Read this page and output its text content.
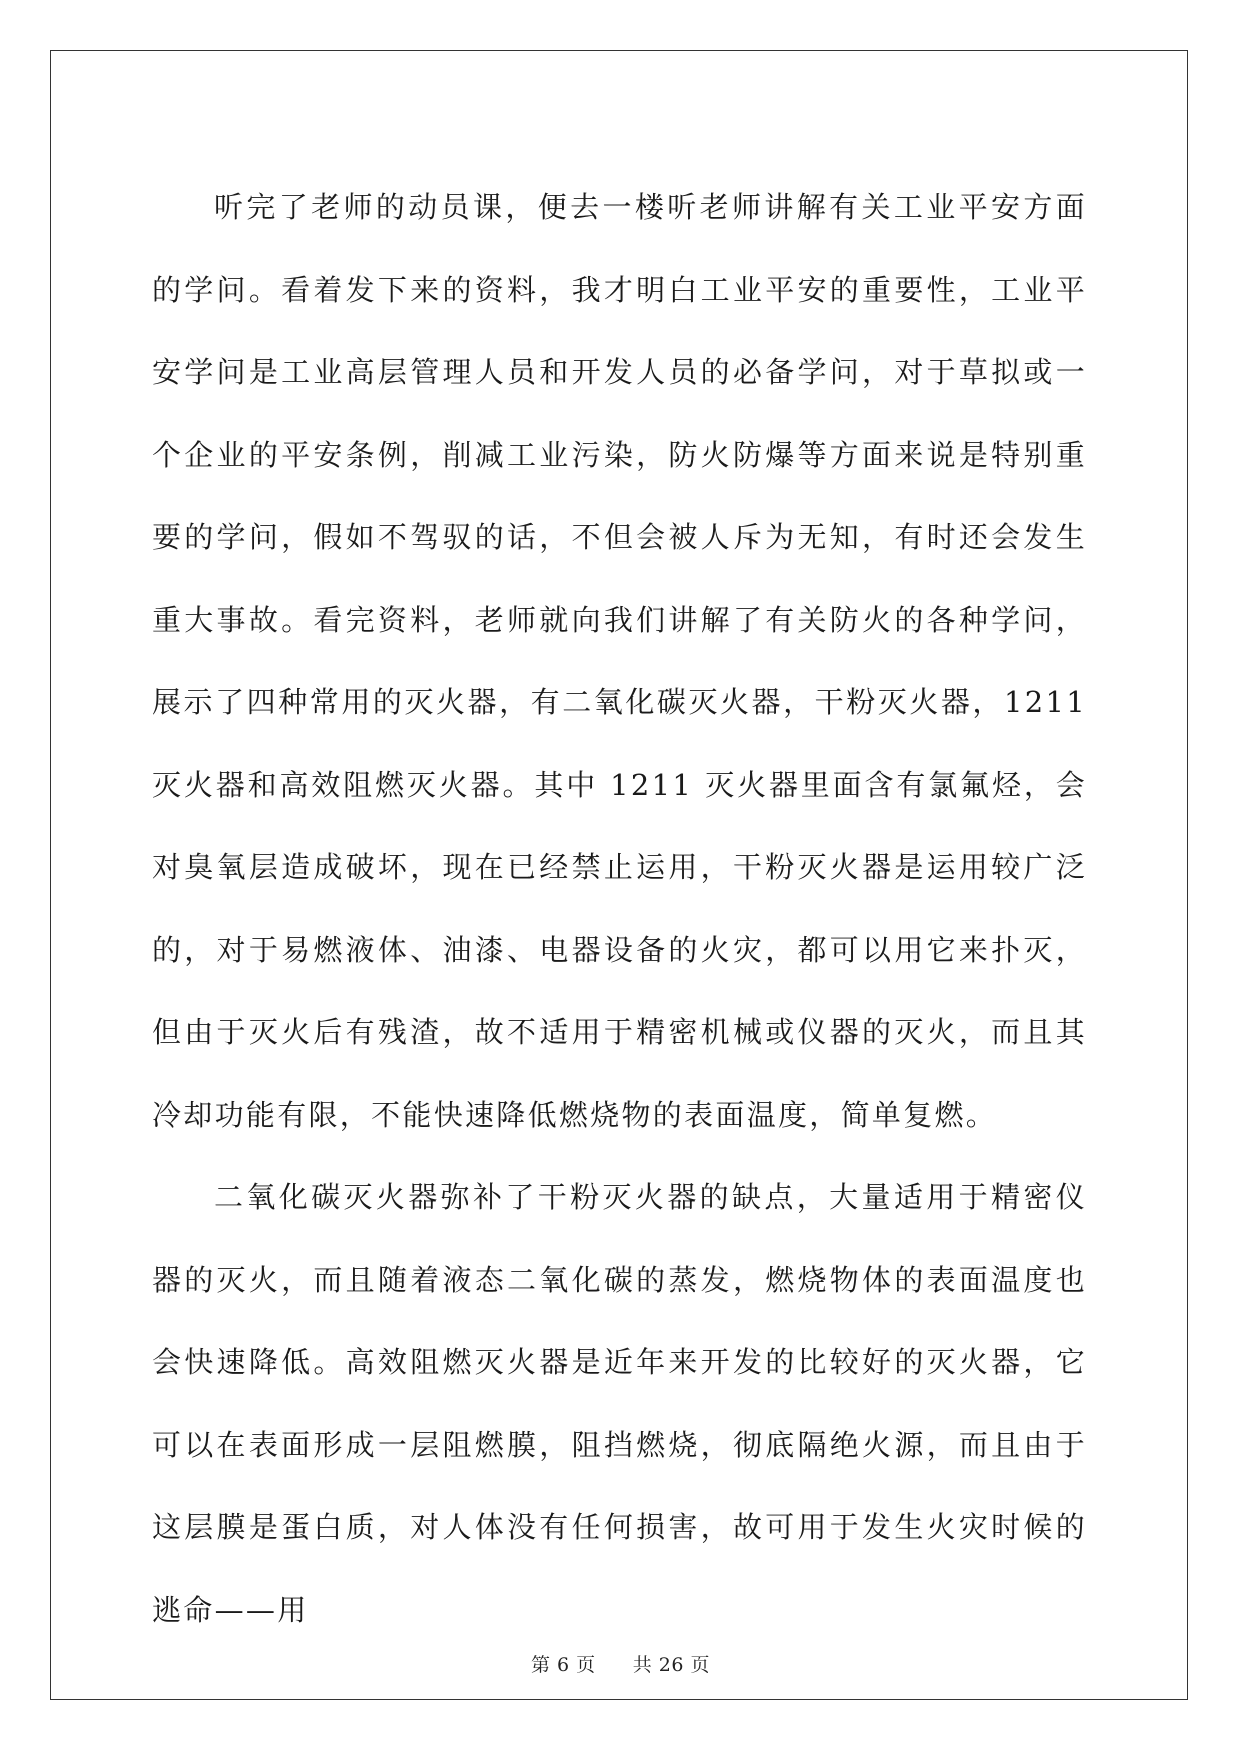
听完了老师的动员课，便去一楼听老师讲解有关工业平安方面的学问。看着发下来的资料，我才明白工业平安的重要性，工业平安学问是工业高层管理人员和开发人员的必备学问，对于草拟或一个企业的平安条例，削减工业污染，防火防爆等方面来说是特别重要的学问，假如不驾驭的话，不但会被人斥为无知，有时还会发生重大事故。看完资料，老师就向我们讲解了有关防火的各种学问，展示了四种常用的灭火器，有二氧化碳灭火器，干粉灭火器，1211 灭火器和高效阻燃灭火器。其中 1211 灭火器里面含有氯氟烃，会对臭氧层造成破坏，现在已经禁止运用，干粉灭火器是运用较广泛的，对于易燃液体、油漆、电器设备的火灾，都可以用它来扑灭，但由于灭火后有残渣，故不适用于精密机械或仪器的灭火，而且其冷却功能有限，不能快速降低燃烧物的表面温度，简单复燃。

二氧化碳灭火器弥补了干粉灭火器的缺点，大量适用于精密仪器的灭火，而且随着液态二氧化碳的蒸发，燃烧物体的表面温度也会快速降低。高效阻燃灭火器是近年来开发的比较好的灭火器，它可以在表面形成一层阻燃膜，阻挡燃烧，彻底隔绝火源，而且由于这层膜是蛋白质，对人体没有任何损害，故可用于发生火灾时候的逃命——用

第 6 页 共 26 页
